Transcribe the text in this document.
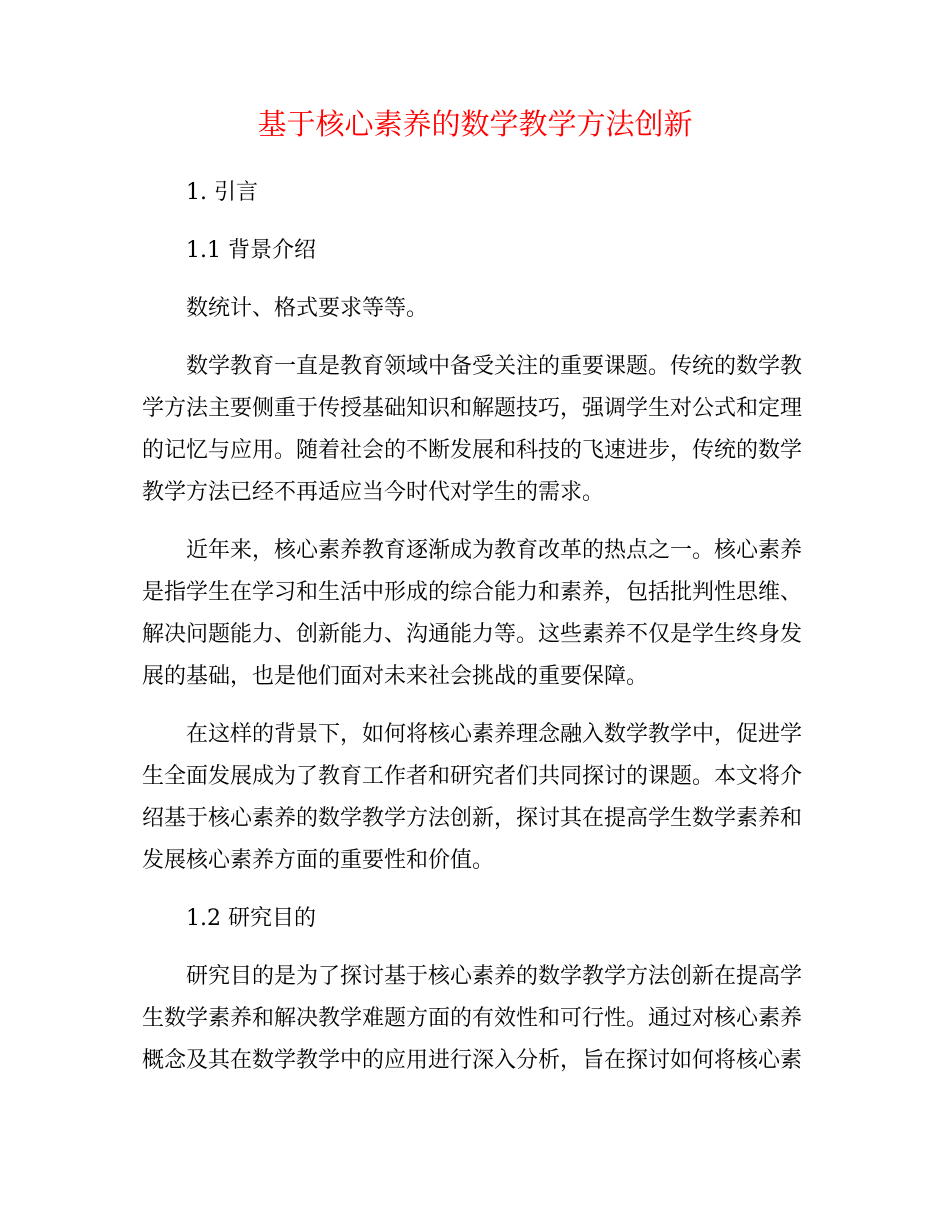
基于核心素养的数学教学方法创新
1. 引言
1.1 背景介绍
数统计、格式要求等等。
数学教育一直是教育领域中备受关注的重要课题。传统的数学教
学方法主要侧重于传授基础知识和解题技巧，强调学生对公式和定理
的记忆与应用。随着社会的不断发展和科技的飞速进步，传统的数学
教学方法已经不再适应当今时代对学生的需求。
近年来，核心素养教育逐渐成为教育改革的热点之一。核心素养
是指学生在学习和生活中形成的综合能力和素养，包括批判性思维、
解决问题能力、创新能力、沟通能力等。这些素养不仅是学生终身发
展的基础，也是他们面对未来社会挑战的重要保障。
在这样的背景下，如何将核心素养理念融入数学教学中，促进学
生全面发展成为了教育工作者和研究者们共同探讨的课题。本文将介
绍基于核心素养的数学教学方法创新，探讨其在提高学生数学素养和
发展核心素养方面的重要性和价值。
1.2 研究目的
研究目的是为了探讨基于核心素养的数学教学方法创新在提高学
生数学素养和解决教学难题方面的有效性和可行性。通过对核心素养
概念及其在数学教学中的应用进行深入分析，旨在探讨如何将核心素
